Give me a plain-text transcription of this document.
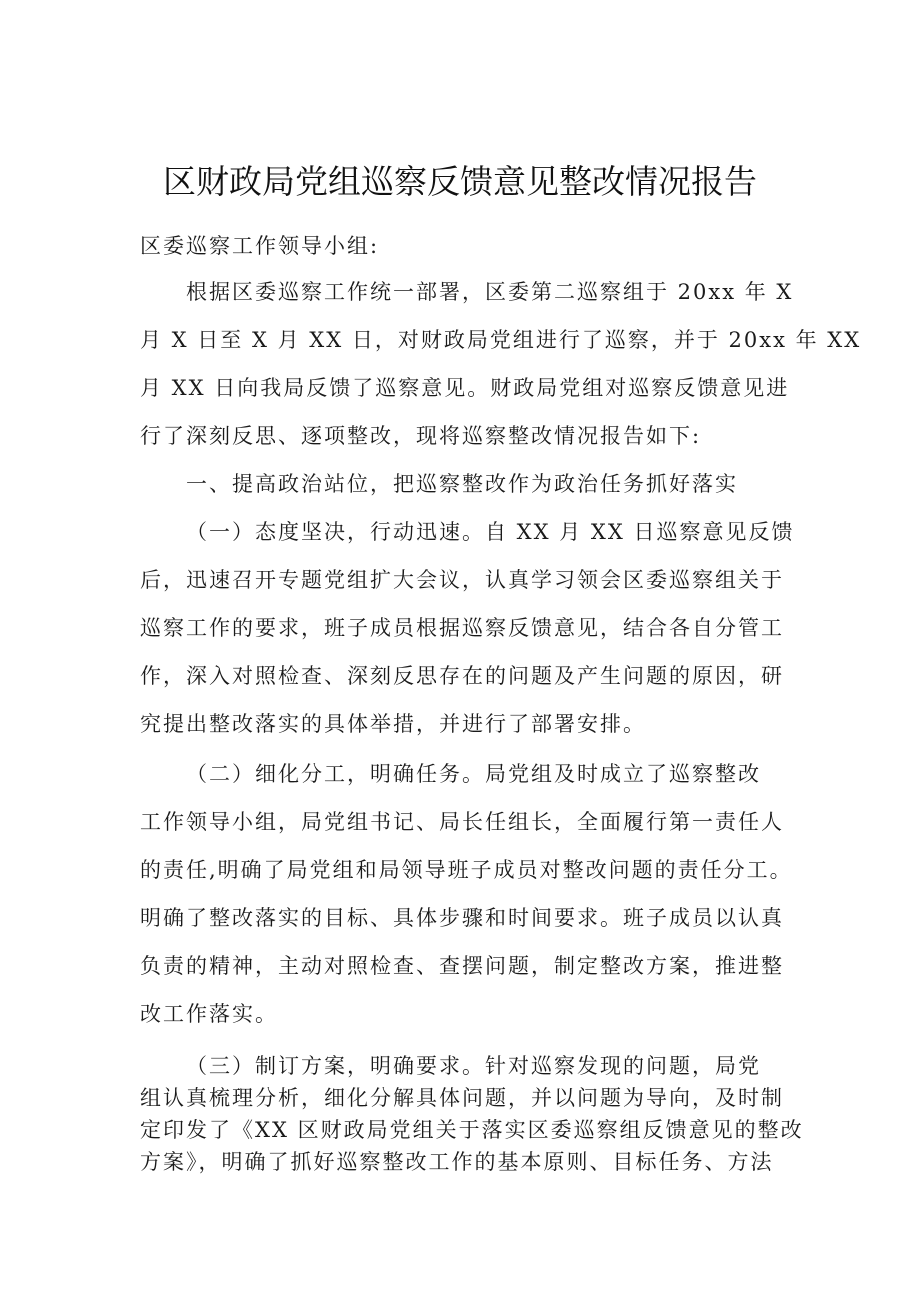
区财政局党组巡察反馈意见整改情况报告

区委巡察工作领导小组:

根据区委巡察工作统一部署，区委第二巡察组于 20xx 年 X
月 X 日至 X 月 XX 日，对财政局党组进行了巡察，并于 20xx 年 XX
月 XX 日向我局反馈了巡察意见。财政局党组对巡察反馈意见进
行了深刻反思、逐项整改，现将巡察整改情况报告如下:
一、提高政治站位，把巡察整改作为政治任务抓好落实
（一）态度坚决，行动迅速。自 XX 月 XX 日巡察意见反馈
后，迅速召开专题党组扩大会议，认真学习领会区委巡察组关于
巡察工作的要求，班子成员根据巡察反馈意见，结合各自分管工
作，深入对照检查、深刻反思存在的问题及产生问题的原因，研
究提出整改落实的具体举措，并进行了部署安排。
（二）细化分工，明确任务。局党组及时成立了巡察整改
工作领导小组，局党组书记、局长任组长，全面履行第一责任人
的责任,明确了局党组和局领导班子成员对整改问题的责任分工。
明确了整改落实的目标、具体步骤和时间要求。班子成员以认真
负责的精神，主动对照检查、查摆问题，制定整改方案，推进整
改工作落实。
（三）制订方案，明确要求。针对巡察发现的问题，局党
组认真梳理分析，细化分解具体问题，并以问题为导向，及时制
定印发了《XX 区财政局党组关于落实区委巡察组反馈意见的整改
方案》，明确了抓好巡察整改工作的基本原则、目标任务、方法
